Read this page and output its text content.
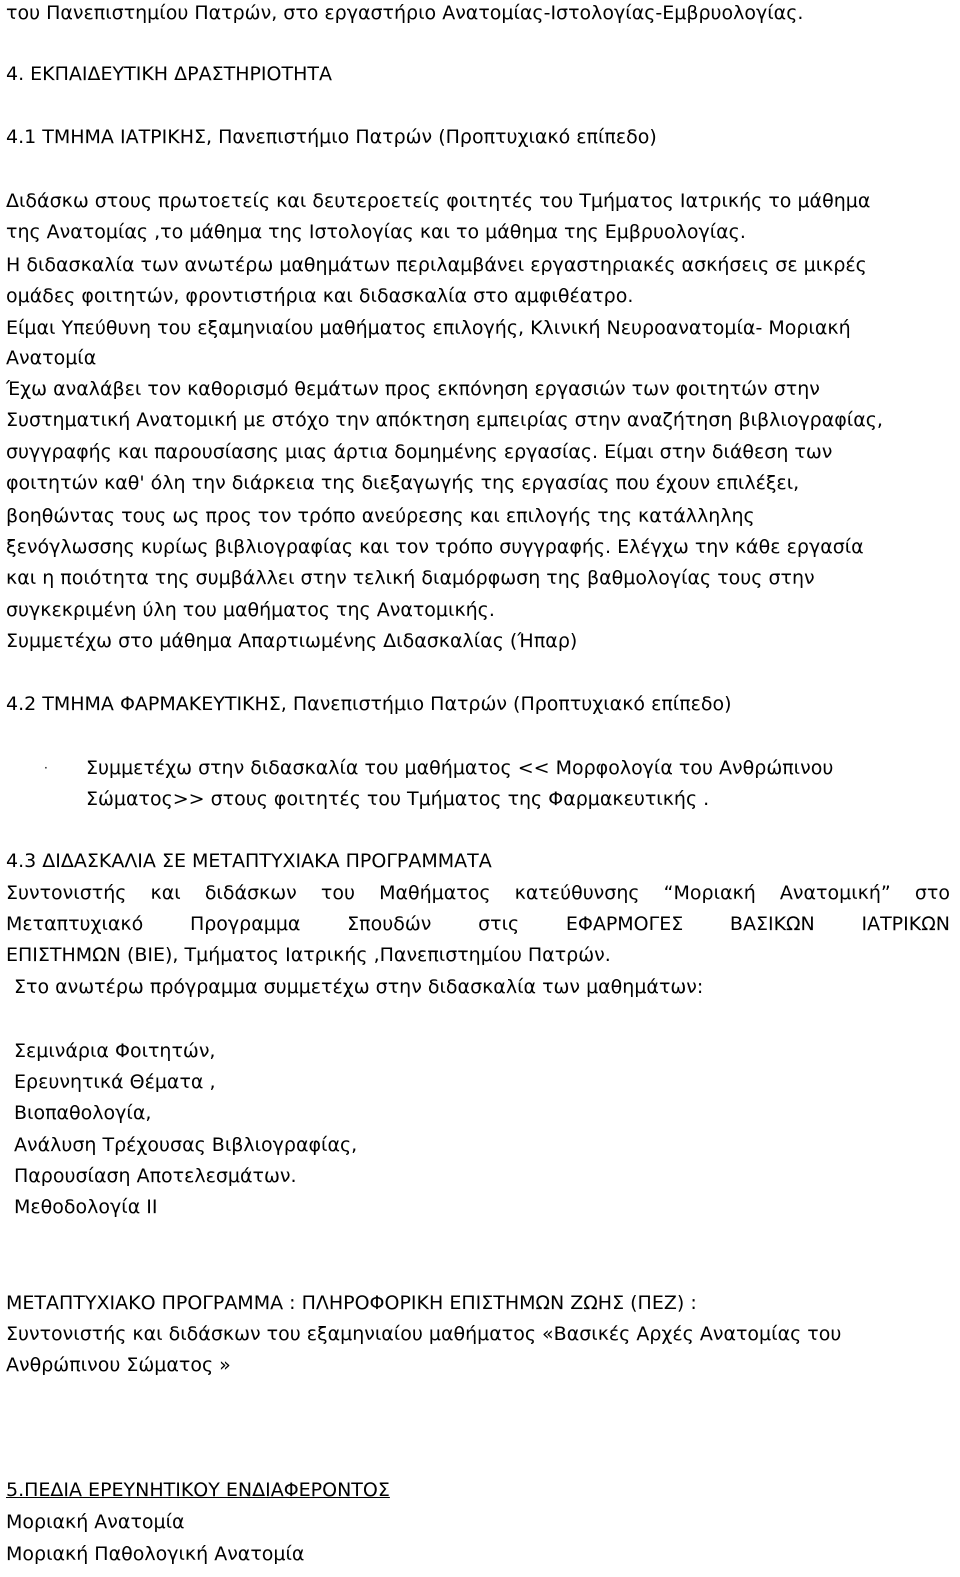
του Πανεπιστημίου Πατρών, στο εργαστήριο Ανατομίας-Ιστολογίας-Εμβρυολογίας.
4. ΕΚΠΑΙΔΕΥΤΙΚΗ ΔΡΑΣΤΗΡΙΟΤΗΤΑ
4.1 ΤΜΗΜΑ ΙΑΤΡΙΚΗΣ, Πανεπιστήμιο Πατρών (Προπτυχιακό επίπεδο)
Διδάσκω στους πρωτοετείς και δευτεροετείς φοιτητές του Τμήματος Ιατρικής το μάθημα
της Ανατομίας ,το μάθημα της Ιστολογίας και το μάθημα της Εμβρυολογίας.
Η διδασκαλία των ανωτέρω μαθημάτων περιλαμβάνει εργαστηριακές ασκήσεις σε μικρές
ομάδες φοιτητών, φροντιστήρια και διδασκαλία στο αμφιθέατρο.
Είμαι Υπεύθυνη του εξαμηνιαίου μαθήματος επιλογής, Κλινική Νευροανατομία- Μοριακή
Ανατομία
Έχω αναλάβει τον καθορισμό θεμάτων προς εκπόνηση εργασιών των φοιτητών στην
Συστηματική Ανατομική με στόχο την απόκτηση εμπειρίας στην αναζήτηση βιβλιογραφίας,
συγγραφής και παρουσίασης μιας άρτια δομημένης εργασίας. Είμαι στην διάθεση των
φοιτητών καθ' όλη την διάρκεια της διεξαγωγής της εργασίας που έχουν επιλέξει,
βοηθώντας τους ως προς τον τρόπο ανεύρεσης και επιλογής της κατάλληλης
ξενόγλωσσης κυρίως βιβλιογραφίας και τον τρόπο συγγραφής. Ελέγχω την κάθε εργασία
και η ποιότητα της συμβάλλει στην τελική διαμόρφωση της βαθμολογίας τους στην
συγκεκριμένη ύλη του μαθήματος της Ανατομικής.
Συμμετέχω στο μάθημα Απαρτιωμένης Διδασκαλίας (Ήπαρ)
4.2 ΤΜΗΜΑ ΦΑΡΜΑΚΕΥΤΙΚΗΣ, Πανεπιστήμιο Πατρών (Προπτυχιακό επίπεδο)
· Συμμετέχω στην διδασκαλία του μαθήματος << Μορφολογία του Ανθρώπινου
Σώματος>> στους φοιτητές του Τμήματος της Φαρμακευτικής .
4.3 ΔΙΔΑΣΚΑΛΙΑ ΣΕ ΜΕΤΑΠΤΥΧΙΑΚΑ ΠΡΟΓΡΑΜΜΑΤΑ
Συντονιστής και διδάσκων του Μαθήματος κατεύθυνσης “Μοριακή Ανατομική” στο
Μεταπτυχιακό Προγραμμα Σπουδών στις ΕΦΑΡΜΟΓΕΣ ΒΑΣΙΚΩΝ ΙΑΤΡΙΚΩΝ
ΕΠΙΣΤΗΜΩΝ (ΒΙΕ), Τμήματος Ιατρικής ,Πανεπιστημίου Πατρών.
Στο ανωτέρω πρόγραμμα συμμετέχω στην διδασκαλία των μαθημάτων:
Σεμινάρια Φοιτητών,
Ερευνητικά Θέματα ,
Βιοπαθολογία,
Ανάλυση Τρέχουσας Βιβλιογραφίας,
Παρουσίαση Αποτελεσμάτων.
Μεθοδολογία ΙΙ
ΜΕΤΑΠΤΥΧΙΑΚΟ ΠΡΟΓΡΑΜΜΑ : ΠΛΗΡΟΦΟΡΙΚΗ ΕΠΙΣΤΗΜΩΝ ΖΩΗΣ (ΠΕΖ) :
Συντονιστής και διδάσκων του εξαμηνιαίου μαθήματος «Βασικές Αρχές Ανατομίας του
Ανθρώπινου Σώματος »
5.ΠΕΔΙΑ ΕΡΕΥΝΗΤΙΚΟΥ ΕΝΔΙΑΦΕΡΟΝΤΟΣ
Μοριακή Ανατομία
Μοριακή Παθολογική Ανατομία
